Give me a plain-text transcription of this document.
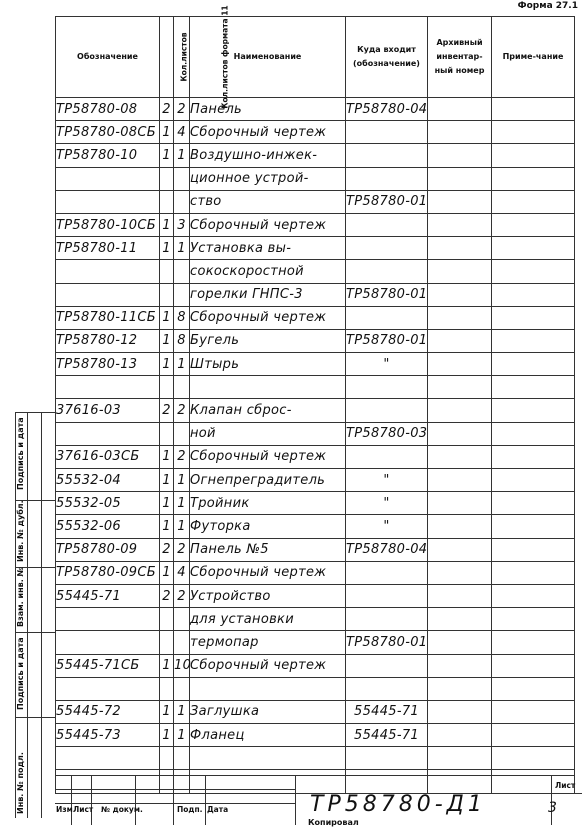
Форма 27.1
Обозначение	Кол.листов	Кол.листов формата 11	Наименование	Куда входит (обозначение)	Архивный инвентар-ный номер	Приме-чание
TP58780-08	2	2	Панель	TP58780-04		
TP58780-08CБ	1	4	Сборочный чертеж			
TP58780-10	1	1	Воздушно-инжек-			
			ционное устрой-			
			ство	TP58780-01		
TP58780-10CБ	1	3	Сборочный чертеж			
TP58780-11	1	1	Установка вы-			
			сокоскоростной			
			горелки ГНПС-3	TP58780-01		
TP58780-11CБ	1	8	Сборочный чертеж			
TP58780-12	1	8	Бугель	TP58780-01		
TP58780-13	1	1	Штырь	"		

37616-03	2	2	Клапан сброс-			
			ной	TP58780-03		
37616-03CБ	1	2	Сборочный чертеж			
55532-04	1	1	Огнепреградитель	"		
55532-05	1	1	Тройник	"		
55532-06	1	1	Футорка	"		
TP58780-09	2	2	Панель №5	TP58780-04		
TP58780-09CБ	1	4	Сборочный чертеж			
55445-71	2	2	Устройство			
			для установки			
			термопар	TP58780-01		
55445-71CБ	1	10	Сборочный чертеж			

55445-72	1	1	Заглушка	55445-71		
55445-73	1	1	Фланец	55445-71		

Подпись и дата
Инв. № дубл.
Взам. инв. №
Подпись и дата
Инв. № подл.	Изм Лист № докум.	Подп. Дата
Лист
TP58780-Д1	3
Копировал
